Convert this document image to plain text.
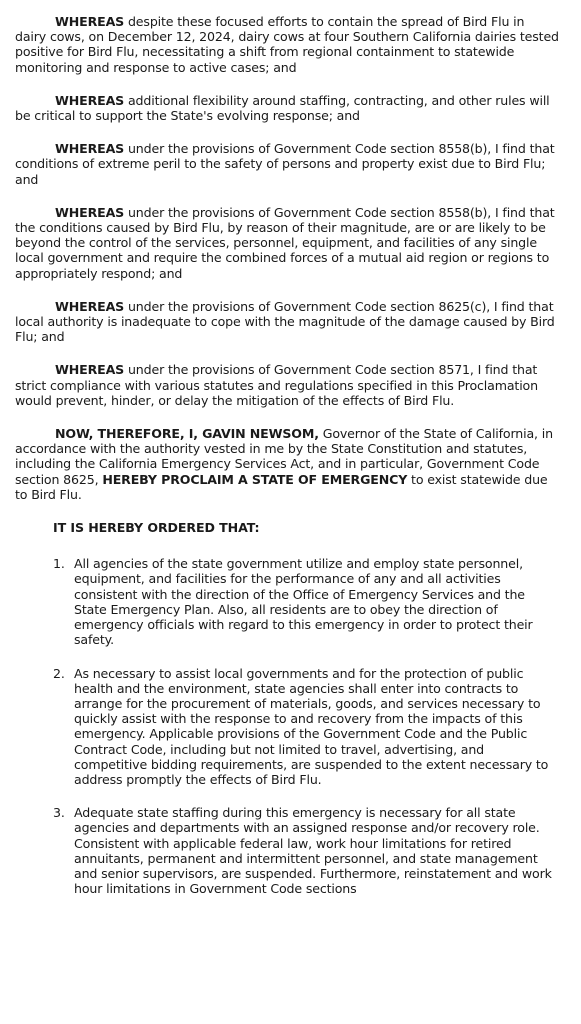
WHEREAS despite these focused efforts to contain the spread of Bird Flu in dairy cows, on December 12, 2024, dairy cows at four Southern California dairies tested positive for Bird Flu, necessitating a shift from regional containment to statewide monitoring and response to active cases; and

WHEREAS additional flexibility around staffing, contracting, and other rules will be critical to support the State's evolving response; and

WHEREAS under the provisions of Government Code section 8558(b), I find that conditions of extreme peril to the safety of persons and property exist due to Bird Flu; and

WHEREAS under the provisions of Government Code section 8558(b), I find that the conditions caused by Bird Flu, by reason of their magnitude, are or are likely to be beyond the control of the services, personnel, equipment, and facilities of any single local government and require the combined forces of a mutual aid region or regions to appropriately respond; and

WHEREAS under the provisions of Government Code section 8625(c), I find that local authority is inadequate to cope with the magnitude of the damage caused by Bird Flu; and

WHEREAS under the provisions of Government Code section 8571, I find that strict compliance with various statutes and regulations specified in this Proclamation would prevent, hinder, or delay the mitigation of the effects of Bird Flu.

NOW, THEREFORE, I, GAVIN NEWSOM, Governor of the State of California, in accordance with the authority vested in me by the State Constitution and statutes, including the California Emergency Services Act, and in particular, Government Code section 8625, HEREBY PROCLAIM A STATE OF EMERGENCY to exist statewide due to Bird Flu.

IT IS HEREBY ORDERED THAT:
1. All agencies of the state government utilize and employ state personnel, equipment, and facilities for the performance of any and all activities consistent with the direction of the Office of Emergency Services and the State Emergency Plan. Also, all residents are to obey the direction of emergency officials with regard to this emergency in order to protect their safety.
2. As necessary to assist local governments and for the protection of public health and the environment, state agencies shall enter into contracts to arrange for the procurement of materials, goods, and services necessary to quickly assist with the response to and recovery from the impacts of this emergency. Applicable provisions of the Government Code and the Public Contract Code, including but not limited to travel, advertising, and competitive bidding requirements, are suspended to the extent necessary to address promptly the effects of Bird Flu.
3. Adequate state staffing during this emergency is necessary for all state agencies and departments with an assigned response and/or recovery role. Consistent with applicable federal law, work hour limitations for retired annuitants, permanent and intermittent personnel, and state management and senior supervisors, are suspended. Furthermore, reinstatement and work hour limitations in Government Code sections
